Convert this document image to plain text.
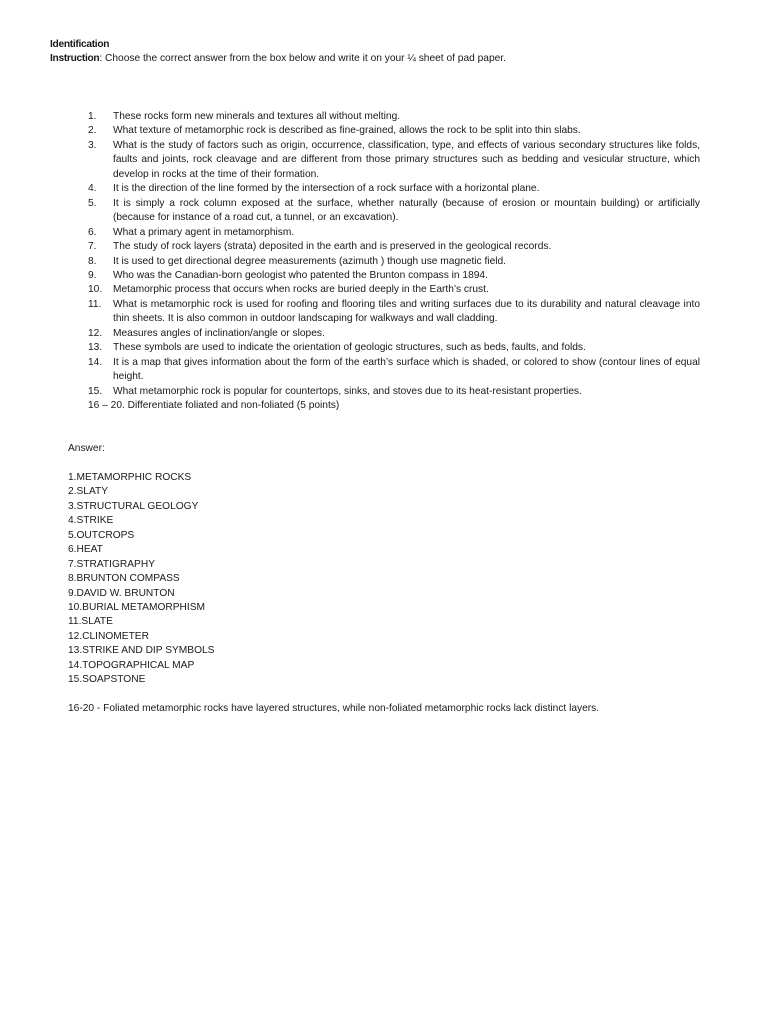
Identification
Instruction: Choose the correct answer from the box below and write it on your ¼ sheet of pad paper.
1.	These rocks form new minerals and textures all without melting.
2.	What texture of metamorphic rock is described as fine-grained, allows the rock to be split into thin slabs.
3.	What is the study of factors such as origin, occurrence, classification, type, and effects of various secondary structures like folds, faults and joints, rock cleavage and are different from those primary structures such as bedding and vesicular structure, which develop in rocks at the time of their formation.
4.	It is the direction of the line formed by the intersection of a rock surface with a horizontal plane.
5.	It is simply a rock column exposed at the surface, whether naturally (because of erosion or mountain building) or artificially (because for instance of a road cut, a tunnel, or an excavation).
6.	What a primary agent in metamorphism.
7.	The study of rock layers (strata) deposited in the earth and is preserved in the geological records.
8.	It is used to get directional degree measurements (azimuth ) though use magnetic field.
9.	Who was the Canadian-born geologist who patented the Brunton compass in 1894.
10.	Metamorphic process that occurs when rocks are buried deeply in the Earth’s crust.
11.	What is metamorphic rock is used for roofing and flooring tiles and writing surfaces due to its durability and natural cleavage into thin sheets. It is also common in outdoor landscaping for walkways and wall cladding.
12.	Measures angles of inclination/angle or slopes.
13.	These symbols are used to indicate the orientation of geologic structures, such as beds, faults, and folds.
14.	It is a map that gives information about the form of the earth’s surface which is shaded, or colored to show (contour lines of equal height.
15.	What metamorphic rock is popular for countertops, sinks, and stoves due to its heat-resistant properties.
16 – 20. Differentiate foliated and non-foliated (5 points)
Answer:
1.METAMORPHIC ROCKS
2.SLATY
3.STRUCTURAL GEOLOGY
4.STRIKE
5.OUTCROPS
6.HEAT
7.STRATIGRAPHY
8.BRUNTON COMPASS
9.DAVID W. BRUNTON
10.BURIAL METAMORPHISM
11.SLATE
12.CLINOMETER
13.STRIKE AND DIP SYMBOLS
14.TOPOGRAPHICAL MAP
15.SOAPSTONE
16-20 - Foliated metamorphic rocks have layered structures, while non-foliated metamorphic rocks lack distinct layers.
